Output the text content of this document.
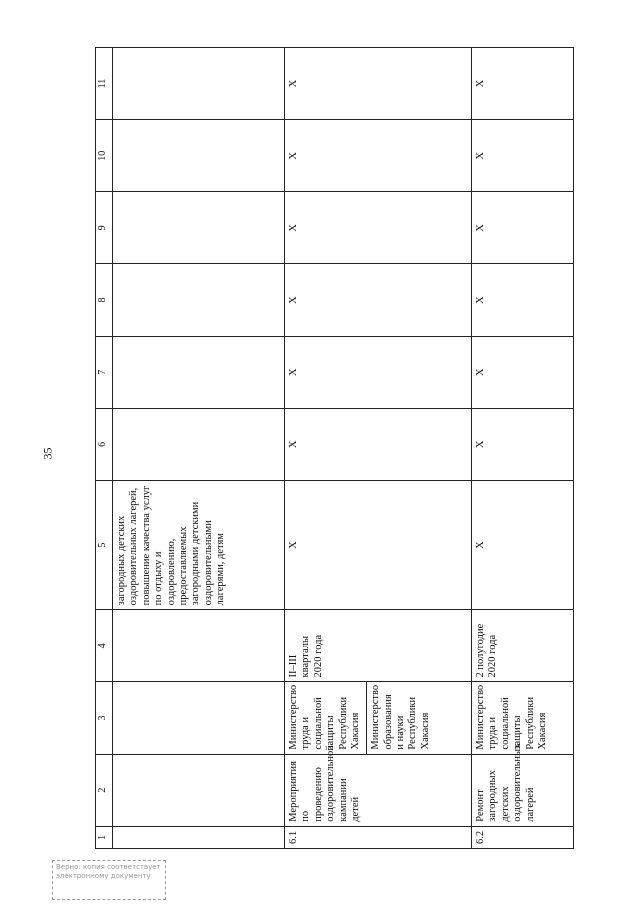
35
1	2	3	4	5	6	7	8	9	10	11
				загородных детских оздоровительных лагерей, повышение качества услуг по отдыху и оздоровлению, предоставляемых загородными детскими оздоровительными лагерями, детям						
6.1	Мероприятия по проведению оздоровительной кампании детей	Министерство труда и социальной защиты Республики Хакасия Министерство образования и науки Республики Хакасия	II–III кварталы 2020 года	X	X	X	X	X	X	X
6.2	Ремонт загородных детских оздоровительных лагерей	Министерство труда и социальной защиты Республики Хакасия	2 полугодие 2020 года	X	X	X	X	X	X	X
Верно: копия соответствует электронному документу
